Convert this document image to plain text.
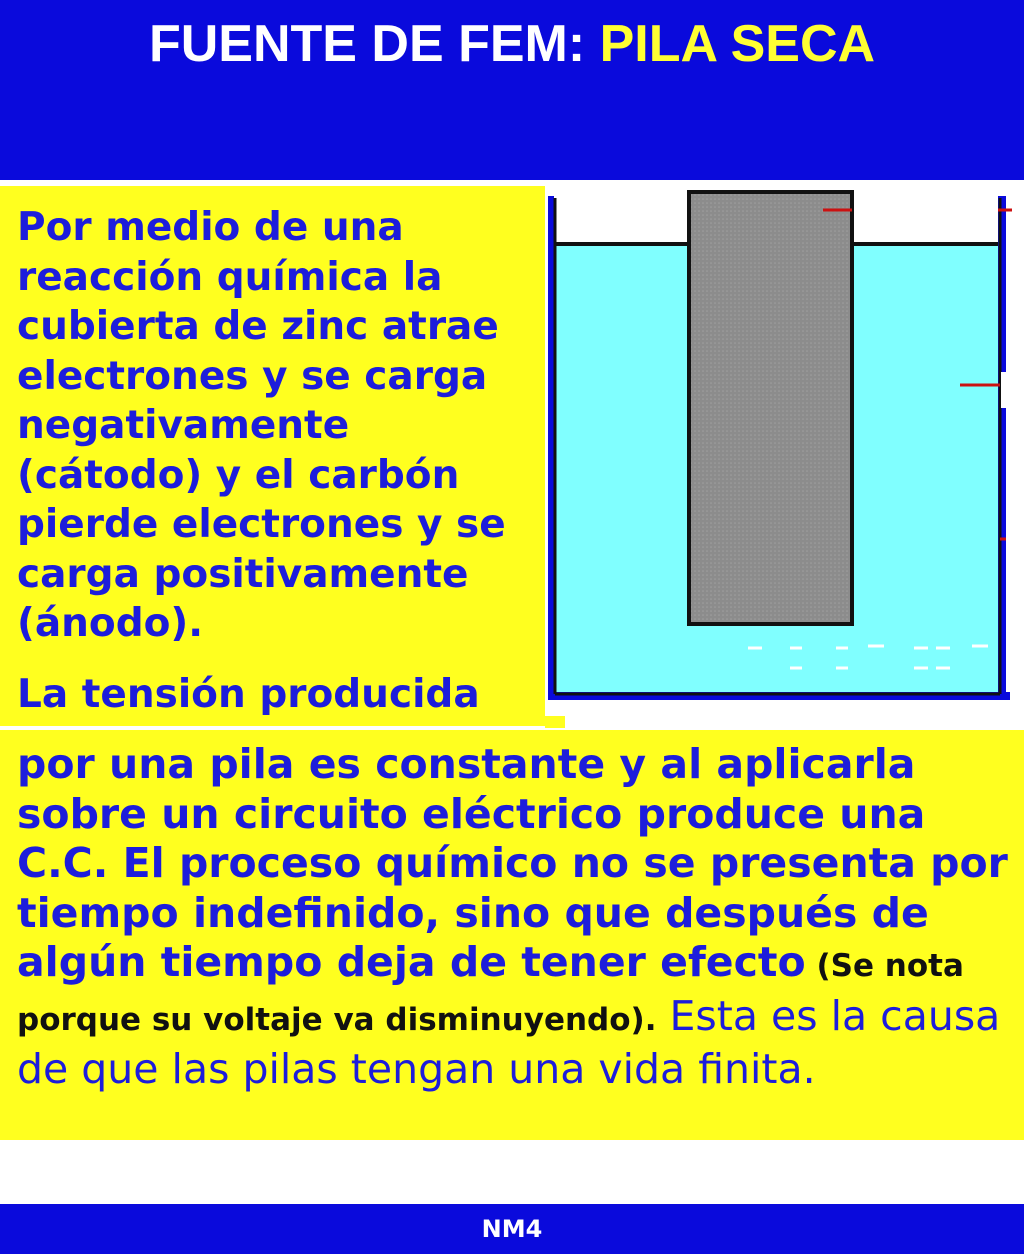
FUENTE DE FEM: PILA SECA

Por medio de una reacción química la cubierta de zinc atrae electrones y se carga negativamente (cátodo) y el carbón pierde electrones y se carga positivamente (ánodo).

La tensión producida

por una pila es constante y al aplicarla sobre un circuito eléctrico produce una C.C. El proceso químico no se presenta por tiempo indefinido, sino que después de algún tiempo deja de tener efecto (Se nota porque su voltaje va disminuyendo). Esta es la causa de que las pilas tengan una vida finita.

NM4
